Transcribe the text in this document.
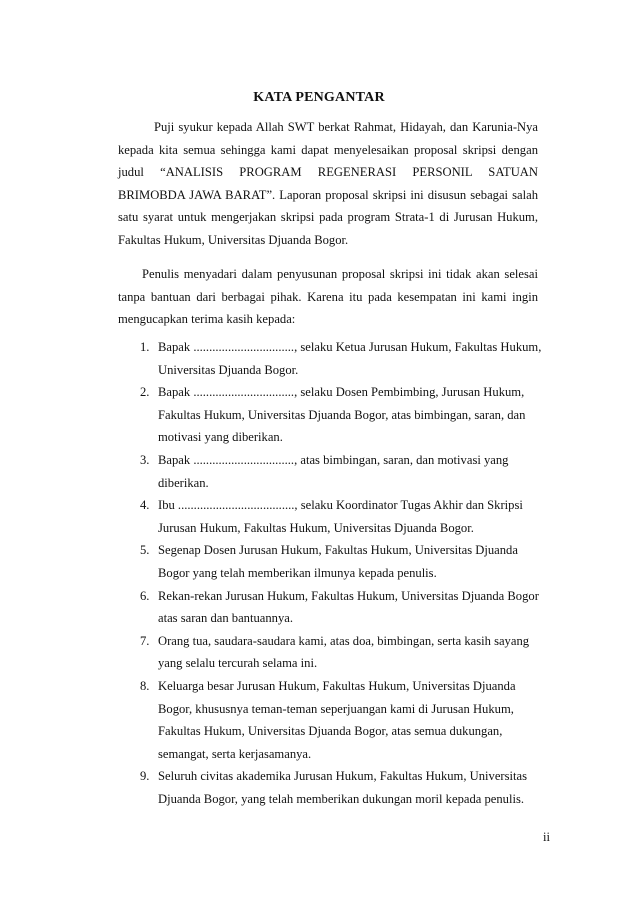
KATA PENGANTAR
Puji syukur kepada Allah SWT berkat Rahmat, Hidayah, dan Karunia-Nya kepada kita semua sehingga kami dapat menyelesaikan proposal skripsi dengan judul “ANALISIS PROGRAM REGENERASI PERSONIL SATUAN BRIMOBDA JAWA BARAT”. Laporan proposal skripsi ini disusun sebagai salah satu syarat untuk mengerjakan skripsi pada program Strata-1 di Jurusan Hukum, Fakultas Hukum, Universitas Djuanda Bogor.
Penulis menyadari dalam penyusunan proposal skripsi ini tidak akan selesai tanpa bantuan dari berbagai pihak. Karena itu pada kesempatan ini kami ingin mengucapkan terima kasih kepada:
1. Bapak ................................, selaku Ketua Jurusan Hukum, Fakultas Hukum, Universitas Djuanda Bogor.
2. Bapak ................................, selaku Dosen Pembimbing, Jurusan Hukum, Fakultas Hukum, Universitas Djuanda Bogor, atas bimbingan, saran, dan motivasi yang diberikan.
3. Bapak ................................, atas bimbingan, saran, dan motivasi yang diberikan.
4. Ibu ....................................., selaku Koordinator Tugas Akhir dan Skripsi Jurusan Hukum, Fakultas Hukum, Universitas Djuanda Bogor.
5. Segenap Dosen Jurusan Hukum, Fakultas Hukum, Universitas Djuanda Bogor yang telah memberikan ilmunya kepada penulis.
6. Rekan-rekan Jurusan Hukum, Fakultas Hukum, Universitas Djuanda Bogor atas saran dan bantuannya.
7. Orang tua, saudara-saudara kami, atas doa, bimbingan, serta kasih sayang yang selalu tercurah selama ini.
8. Keluarga besar Jurusan Hukum, Fakultas Hukum, Universitas Djuanda Bogor, khususnya teman-teman seperjuangan kami di Jurusan Hukum, Fakultas Hukum, Universitas Djuanda Bogor, atas semua dukungan, semangat, serta kerjasamanya.
9. Seluruh civitas akademika Jurusan Hukum, Fakultas Hukum, Universitas Djuanda Bogor, yang telah memberikan dukungan moril kepada penulis.
ii
